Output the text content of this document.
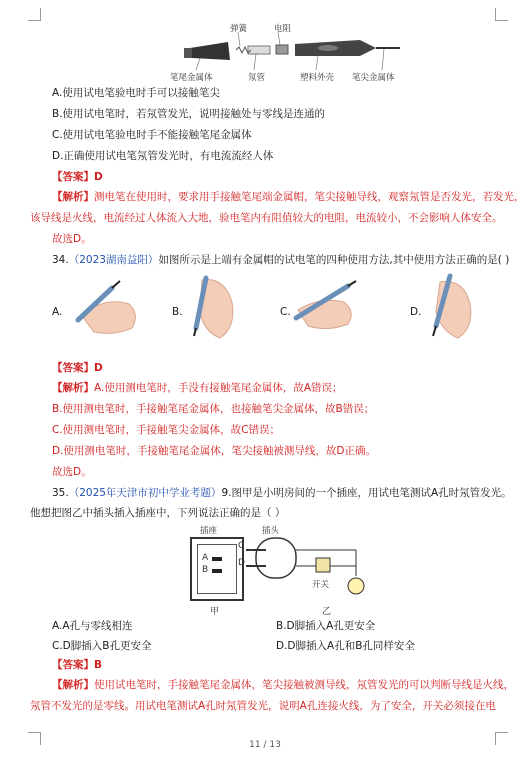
弹簧	电阻
笔尾金属体	氖管	塑料外壳 笔尖金属体
A.使用试电笔验电时手可以接触笔尖
B.使用试电笔时，若氖管发光，说明接触处与零线是连通的
C.使用试电笔验电时手不能接触笔尾金属体
D.正确使用试电笔氖管发光时，有电流流经人体
【答案】D
【解析】测电笔在使用时，要求用手接触笔尾端金属帽，笔尖接触导线，观察氖管是否发光，若发光，
该导线是火线，电流经过人体流入大地，验电笔内有阻值较大的电阻，电流较小，不会影响人体安全。
故选D。
34.（2023湖南益阳）如图所示是上端有金属帽的试电笔的四种使用方法,其中使用方法正确的是( )
A.	B.	C.	D.
【答案】D
【解析】A.使用测电笔时，手没有接触笔尾金属体，故A错误；
B.使用测电笔时，手接触笔尾金属体，也接触笔尖金属体，故B错误；
C.使用测电笔时，手接触笔尖金属体，故C错误；
D.使用测电笔时，手接触笔尾金属体，笔尖接触被测导线，故D正确。
故选D。
35.（2025年天津市初中学业考题）9.图甲是小明房间的一个插座，用试电笔测试A孔时氖管发光。
他想把图乙中插头插入插座中，下列说法正确的是（ ）
插座
A
B
甲
插头
C
D
开关
乙
A.A孔与零线相连	B.D脚插入A孔更安全
C.D脚插入B孔更安全	D.D脚插入A孔和B孔同样安全
【答案】B
【解析】使用试电笔时，手接触笔尾金属体，笔尖接触被测导线，氖管发光的可以判断导线是火线，
氖管不发光的是零线。用试电笔测试A孔时氖管发光，说明A孔连接火线，为了安全，开关必须接在电
11 / 13
